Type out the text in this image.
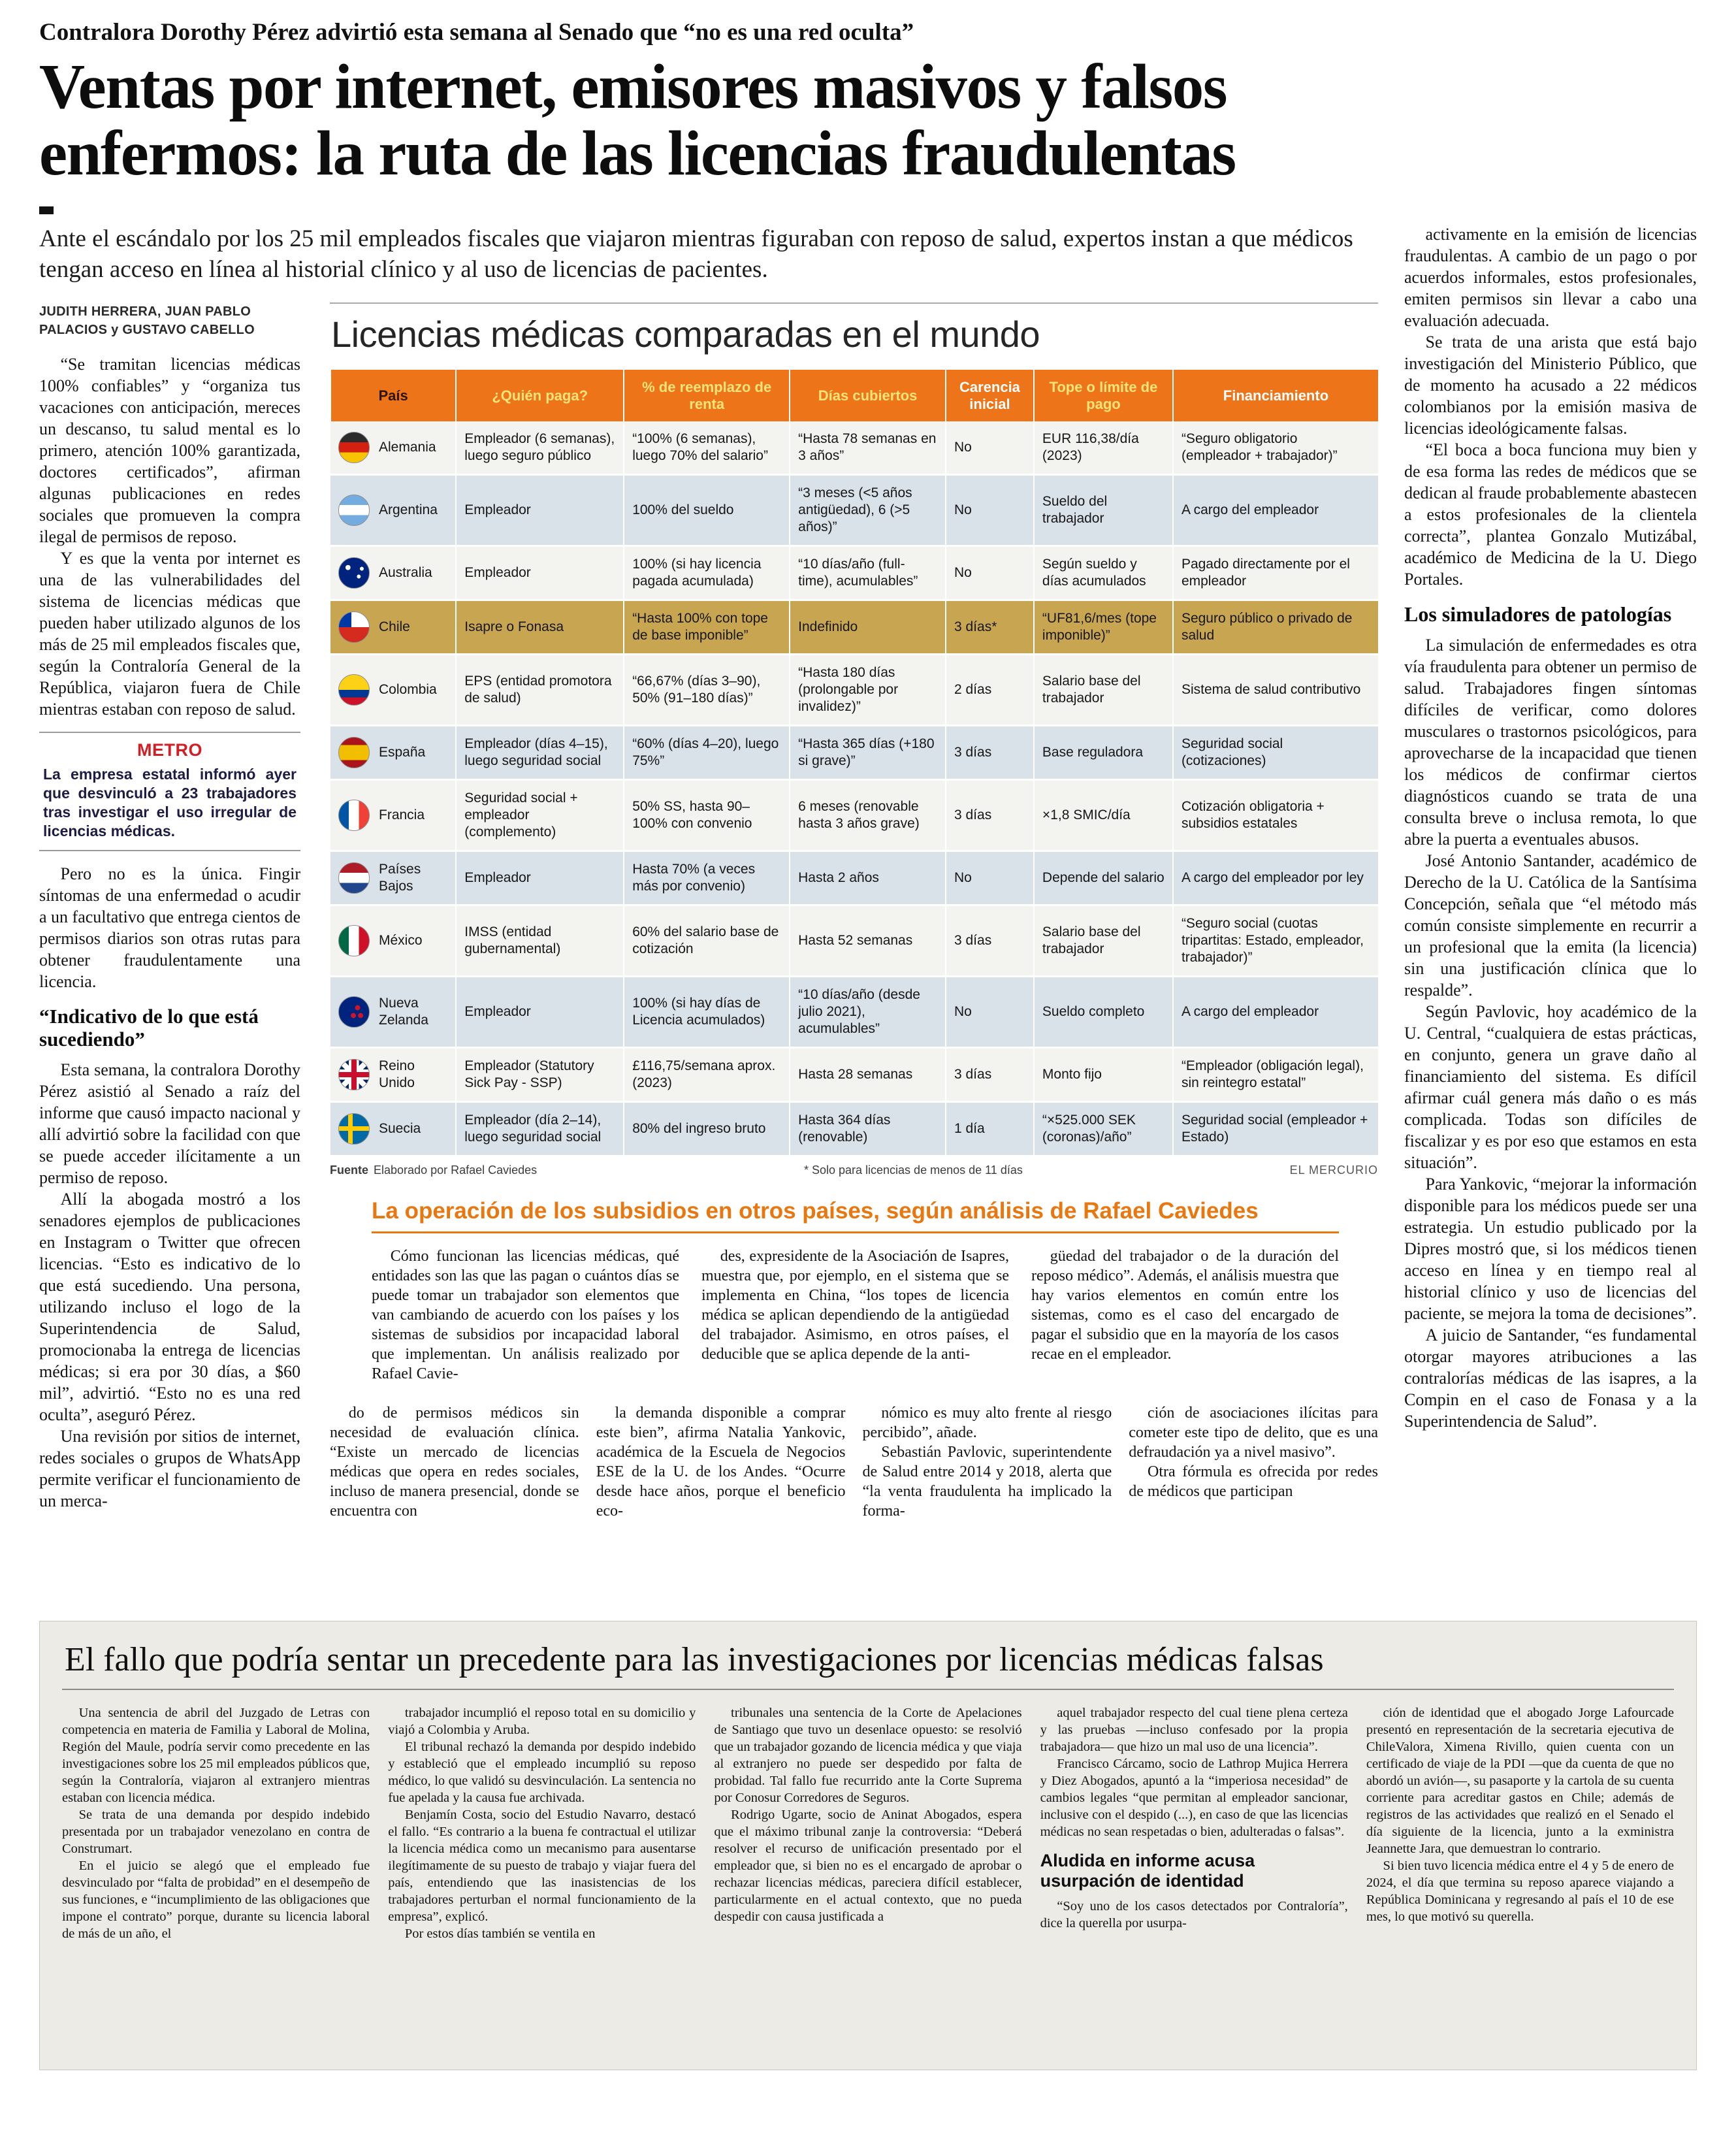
Contralora Dorothy Pérez advirtió esta semana al Senado que “no es una red oculta”
Ventas por internet, emisores masivos y falsos
enfermos: la ruta de las licencias fraudulentas

Ante el escándalo por los 25 mil empleados fiscales que viajaron mientras figuraban con reposo de salud, expertos instan a que médicos tengan acceso en línea al historial clínico y al uso de licencias de pacientes.

JUDITH HERRERA, JUAN PABLO PALACIOS y GUSTAVO CABELLO

“Se tramitan licencias médicas 100% confiables” y “organiza tus vacaciones con anticipación, mereces un descanso, tu salud mental es lo primero, atención 100% garantizada, doctores certificados”, afirman algunas publicaciones en redes sociales que promueven la compra ilegal de permisos de reposo.

Y es que la venta por internet es una de las vulnerabilidades del sistema de licencias médicas que pueden haber utilizado algunos de los más de 25 mil empleados fiscales que, según la Contraloría General de la República, viajaron fuera de Chile mientras estaban con reposo de salud.

METRO
La empresa estatal informó ayer que desvinculó a 23 trabajadores tras investigar el uso irregular de licencias médicas.

Pero no es la única. Fingir síntomas de una enfermedad o acudir a un facultativo que entrega cientos de permisos diarios son otras rutas para obtener fraudulentamente una licencia.

“Indicativo de lo que está sucediendo”

Esta semana, la contralora Dorothy Pérez asistió al Senado a raíz del informe que causó impacto nacional y allí advirtió sobre la facilidad con que se puede acceder ilícitamente a un permiso de reposo.

Allí la abogada mostró a los senadores ejemplos de publicaciones en Instagram o Twitter que ofrecen licencias. “Esto es indicativo de lo que está sucediendo. Una persona, utilizando incluso el logo de la Superintendencia de Salud, promocionaba la entrega de licencias médicas; si era por 30 días, a $60 mil”, advirtió. “Esto no es una red oculta”, aseguró Pérez.

Una revisión por sitios de internet, redes sociales o grupos de WhatsApp permite verificar el funcionamiento de un merca-

Licencias médicas comparadas en el mundo
País	¿Quién paga?	% de reemplazo de renta	Días cubiertos	Carencia inicial	Tope o límite de pago	Financiamiento

Alemania	Empleador (6 semanas), luego seguro público	“100% (6 semanas), luego 70% del salario”	“Hasta 78 semanas en 3 años”	No	EUR 116,38/día (2023)	“Seguro obligatorio (empleador + trabajador)”

Argentina	Empleador	100% del sueldo	“3 meses (<5 años antigüedad), 6 (>5 años)”	No	Sueldo del trabajador	A cargo del empleador

Australia	Empleador	100% (si hay licencia pagada acumulada)	“10 días/año (full-time), acumulables”	No	Según sueldo y días acumulados	Pagado directamente por el empleador

Chile	Isapre o Fonasa	“Hasta 100% con tope de base imponible”	Indefinido	3 días*	“UF81,6/mes (tope imponible)”	Seguro público o privado de salud

Colombia	EPS (entidad promotora de salud)	“66,67% (días 3–90), 50% (91–180 días)”	“Hasta 180 días (prolongable por invalidez)”	2 días	Salario base del trabajador	Sistema de salud contributivo

España	Empleador (días 4–15), luego seguridad social	“60% (días 4–20), luego 75%”	“Hasta 365 días (+180 si grave)”	3 días	Base reguladora	Seguridad social (cotizaciones)

Francia	Seguridad social + empleador (complemento)	50% SS, hasta 90–100% con convenio	6 meses (renovable hasta 3 años grave)	3 días	×1,8 SMIC/día	Cotización obligatoria + subsidios estatales

Países Bajos	Empleador	Hasta 70% (a veces más por convenio)	Hasta 2 años	No	Depende del salario	A cargo del empleador por ley

México	IMSS (entidad gubernamental)	60% del salario base de cotización	Hasta 52 semanas	3 días	Salario base del trabajador	“Seguro social (cuotas tripartitas: Estado, empleador, trabajador)”

Nueva Zelanda	Empleador	100% (si hay días de Licencia acumulados)	“10 días/año (desde julio 2021), acumulables”	No	Sueldo completo	A cargo del empleador

Reino Unido	Empleador (Statutory Sick Pay - SSP)	£116,75/semana aprox. (2023)	Hasta 28 semanas	3 días	Monto fijo	“Empleador (obligación legal), sin reintegro estatal”

Suecia	Empleador (día 2–14), luego seguridad social	80% del ingreso bruto	Hasta 364 días (renovable)	1 día	“×525.000 SEK (coronas)/año”	Seguridad social (empleador + Estado)
Fuente Elaborado por Rafael Caviedes	* Solo para licencias de menos de 11 días	EL MERCURIO
La operación de los subsidios en otros países, según análisis de Rafael Caviedes

Cómo funcionan las licencias médicas, qué entidades son las que las pagan o cuántos días se puede tomar un trabajador son elementos que van cambiando de acuerdo con los países y los sistemas de subsidios por incapacidad laboral que implementan. Un análisis realizado por Rafael Cavie-

des, expresidente de la Asociación de Isapres, muestra que, por ejemplo, en el sistema que se implementa en China, “los topes de licencia médica se aplican dependiendo de la antigüedad del trabajador. Asimismo, en otros países, el deducible que se aplica depende de la anti-

güedad del trabajador o de la duración del reposo médico”. Además, el análisis muestra que hay varios elementos en común entre los sistemas, como es el caso del encargado de pagar el subsidio que en la mayoría de los casos recae en el empleador.

do de permisos médicos sin necesidad de evaluación clínica. “Existe un mercado de licencias médicas que opera en redes sociales, incluso de manera presencial, donde se encuentra con

la demanda disponible a comprar este bien”, afirma Natalia Yankovic, académica de la Escuela de Negocios ESE de la U. de los Andes. “Ocurre desde hace años, porque el beneficio eco-

nómico es muy alto frente al riesgo percibido”, añade.

Sebastián Pavlovic, superintendente de Salud entre 2014 y 2018, alerta que “la venta fraudulenta ha implicado la forma-

ción de asociaciones ilícitas para cometer este tipo de delito, que es una defraudación ya a nivel masivo”.

Otra fórmula es ofrecida por redes de médicos que participan

activamente en la emisión de licencias fraudulentas. A cambio de un pago o por acuerdos informales, estos profesionales, emiten permisos sin llevar a cabo una evaluación adecuada.

Se trata de una arista que está bajo investigación del Ministerio Público, que de momento ha acusado a 22 médicos colombianos por la emisión masiva de licencias ideológicamente falsas.

“El boca a boca funciona muy bien y de esa forma las redes de médicos que se dedican al fraude probablemente abastecen a estos profesionales de la clientela correcta”, plantea Gonzalo Mutizábal, académico de Medicina de la U. Diego Portales.

Los simuladores de patologías

La simulación de enfermedades es otra vía fraudulenta para obtener un permiso de salud. Trabajadores fingen síntomas difíciles de verificar, como dolores musculares o trastornos psicológicos, para aprovecharse de la incapacidad que tienen los médicos de confirmar ciertos diagnósticos cuando se trata de una consulta breve o inclusa remota, lo que abre la puerta a eventuales abusos.

José Antonio Santander, académico de Derecho de la U. Católica de la Santísima Concepción, señala que “el método más común consiste simplemente en recurrir a un profesional que la emita (la licencia) sin una justificación clínica que lo respalde”.

Según Pavlovic, hoy académico de la U. Central, “cualquiera de estas prácticas, en conjunto, genera un grave daño al financiamiento del sistema. Es difícil afirmar cuál genera más daño o es más complicada. Todas son difíciles de fiscalizar y es por eso que estamos en esta situación”.

Para Yankovic, “mejorar la información disponible para los médicos puede ser una estrategia. Un estudio publicado por la Dipres mostró que, si los médicos tienen acceso en línea y en tiempo real al historial clínico y uso de licencias del paciente, se mejora la toma de decisiones”.

A juicio de Santander, “es fundamental otorgar mayores atribuciones a las contralorías médicas de las isapres, a la Compin en el caso de Fonasa y a la Superintendencia de Salud”.

El fallo que podría sentar un precedente para las investigaciones por licencias médicas falsas

Una sentencia de abril del Juzgado de Letras con competencia en materia de Familia y Laboral de Molina, Región del Maule, podría servir como precedente en las investigaciones sobre los 25 mil empleados públicos que, según la Contraloría, viajaron al extranjero mientras estaban con licencia médica.

Se trata de una demanda por despido indebido presentada por un trabajador venezolano en contra de Construmart.

En el juicio se alegó que el empleado fue desvinculado por “falta de probidad” en el desempeño de sus funciones, e “incumplimiento de las obligaciones que impone el contrato” porque, durante su licencia laboral de más de un año, el

trabajador incumplió el reposo total en su domicilio y viajó a Colombia y Aruba.

El tribunal rechazó la demanda por despido indebido y estableció que el empleado incumplió su reposo médico, lo que validó su desvinculación. La sentencia no fue apelada y la causa fue archivada.

Benjamín Costa, socio del Estudio Navarro, destacó el fallo. “Es contrario a la buena fe contractual el utilizar la licencia médica como un mecanismo para ausentarse ilegítimamente de su puesto de trabajo y viajar fuera del país, entendiendo que las inasistencias de los trabajadores perturban el normal funcionamiento de la empresa”, explicó.

Por estos días también se ventila en

tribunales una sentencia de la Corte de Apelaciones de Santiago que tuvo un desenlace opuesto: se resolvió que un trabajador gozando de licencia médica y que viaja al extranjero no puede ser despedido por falta de probidad. Tal fallo fue recurrido ante la Corte Suprema por Conosur Corredores de Seguros.

Rodrigo Ugarte, socio de Aninat Abogados, espera que el máximo tribunal zanje la controversia: “Deberá resolver el recurso de unificación presentado por el empleador que, si bien no es el encargado de aprobar o rechazar licencias médicas, pareciera difícil establecer, particularmente en el actual contexto, que no pueda despedir con causa justificada a

aquel trabajador respecto del cual tiene plena certeza y las pruebas —incluso confesado por la propia trabajadora— que hizo un mal uso de una licencia”.

Francisco Cárcamo, socio de Lathrop Mujica Herrera y Diez Abogados, apuntó a la “imperiosa necesidad” de cambios legales “que permitan al empleador sancionar, inclusive con el despido (...), en caso de que las licencias médicas no sean respetadas o bien, adulteradas o falsas”.

Aludida en informe acusa usurpación de identidad

“Soy uno de los casos detectados por Contraloría”, dice la querella por usurpa-

ción de identidad que el abogado Jorge Lafourcade presentó en representación de la secretaria ejecutiva de ChileValora, Ximena Rivillo, quien cuenta con un certificado de viaje de la PDI —que da cuenta de que no abordó un avión—, su pasaporte y la cartola de su cuenta corriente para acreditar gastos en Chile; además de registros de las actividades que realizó en el Senado el día siguiente de la licencia, junto a la exministra Jeannette Jara, que demuestran lo contrario.

Si bien tuvo licencia médica entre el 4 y 5 de enero de 2024, el día que termina su reposo aparece viajando a República Dominicana y regresando al país el 10 de ese mes, lo que motivó su querella.
